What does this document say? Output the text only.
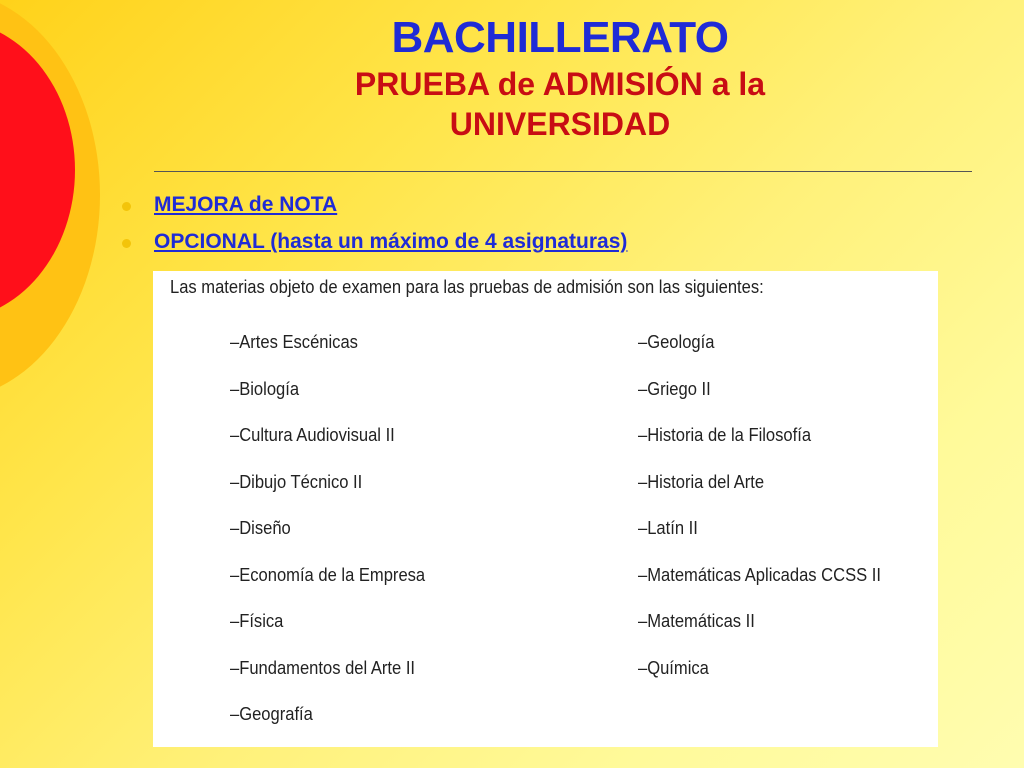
BACHILLERATO
PRUEBA de ADMISIÓN a la UNIVERSIDAD
MEJORA de NOTA
OPCIONAL (hasta un máximo de 4 asignaturas)
Las materias objeto de examen para las pruebas de admisión son las siguientes:
–Artes Escénicas
–Biología
–Cultura Audiovisual II
–Dibujo Técnico II
–Diseño
–Economía de la Empresa
–Física
–Fundamentos del Arte II
–Geografía
–Geología
–Griego II
–Historia de la Filosofía
–Historia del Arte
–Latín II
–Matemáticas Aplicadas CCSS II
–Matemáticas II
–Química
